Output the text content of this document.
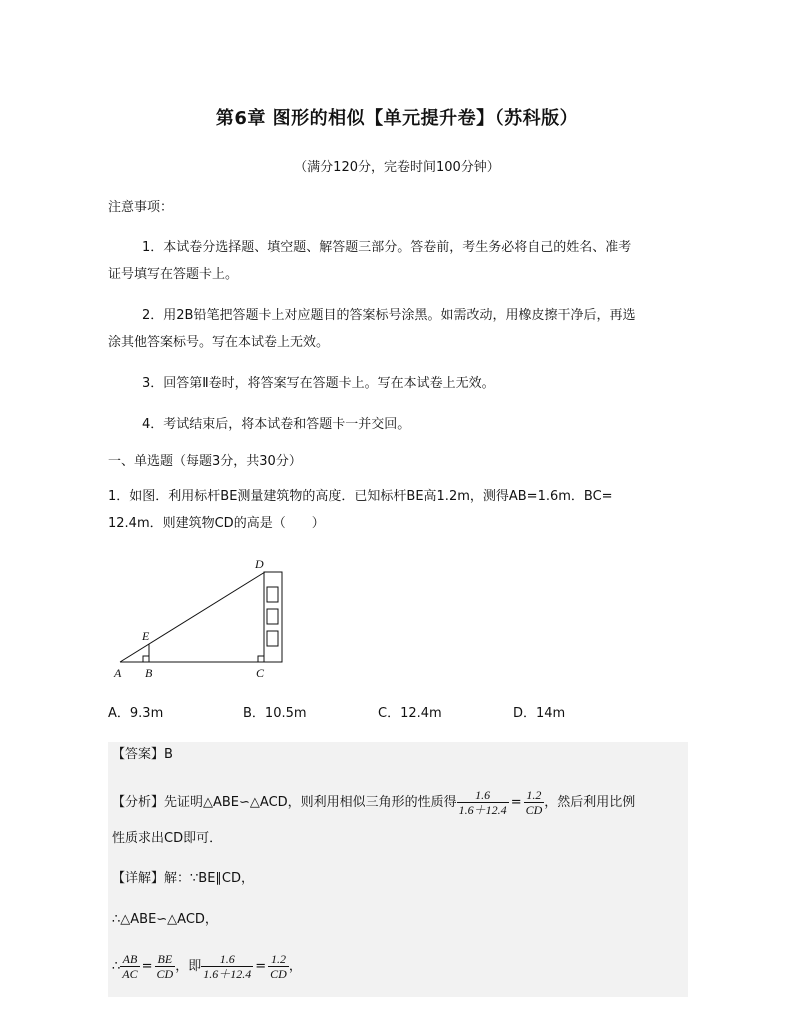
第6章 图形的相似【单元提升卷】（苏科版）
（满分120分，完卷时间100分钟）
注意事项：
1．本试卷分选择题、填空题、解答题三部分。答卷前，考生务必将自己的姓名、准考
证号填写在答题卡上。
2．用2B铅笔把答题卡上对应题目的答案标号涂黑。如需改动，用橡皮擦干净后，再选
涂其他答案标号。写在本试卷上无效。
3．回答第Ⅱ卷时，将答案写在答题卡上。写在本试卷上无效。
4．考试结束后，将本试卷和答题卡一并交回。
一、单选题（每题3分，共30分）
1．如图．利用标杆BE测量建筑物的高度．已知标杆BE高1.2m，测得AB=1.6m．BC=
12.4m．则建筑物CD的高是（　　）
A B	C
D
E
A．9.3m	B．10.5m	C．12.4m	D．14m
【答案】B
【分析】先证明△ABE∽△ACD，则利用相似三角形的性质得 $\frac{1.6}{1.6+12.4} = \frac{1.2}{CD}$ ，然后利用比例
性质求出CD即可．
【详解】解：∵BE∥CD，
∴△ABE∽△ACD，
∴ $\frac{AB}{AC} = \frac{BE}{CD}$ ，即 $\frac{1.6}{1.6+12.4} = \frac{1.2}{CD}$ ，
